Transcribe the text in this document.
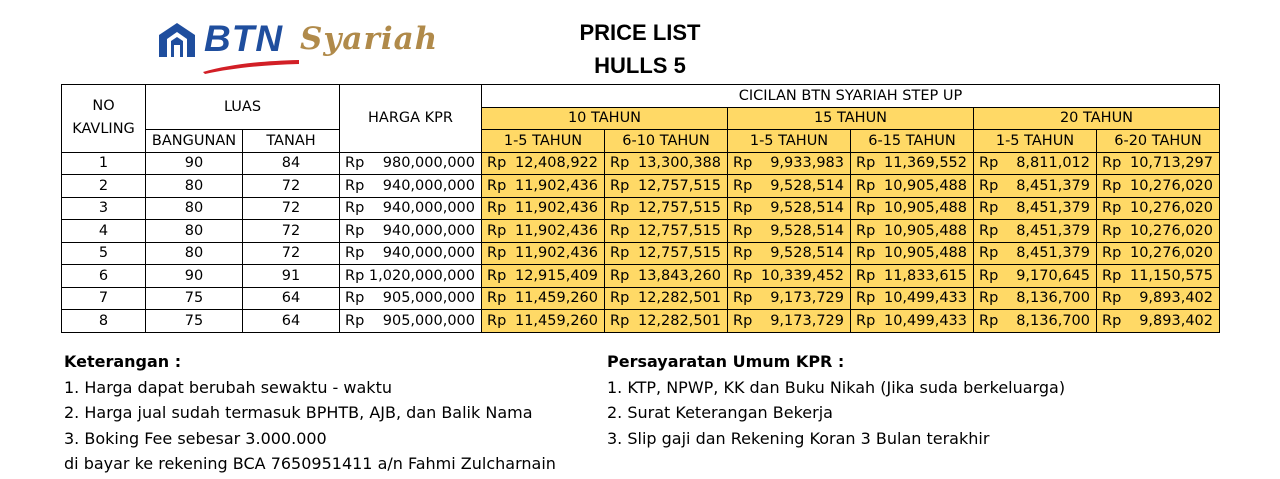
BTN Syariah	PRICE LIST
HULLS 5
NO KAVLING	LUAS		HARGA KPR	CICILAN BTN SYARIAH STEP UP					
				10 TAHUN		15 TAHUN		20 TAHUN	
	BANGUNAN	TANAH		1-5 TAHUN	6-10 TAHUN	1-5 TAHUN	6-15 TAHUN	1-5 TAHUN	6-20 TAHUN
1	90	84	Rp 980,000,000	Rp 12,408,922	Rp 13,300,388	Rp 9,933,983	Rp 11,369,552	Rp 8,811,012	Rp 10,713,297

2	80	72	Rp 940,000,000	Rp 11,902,436	Rp 12,757,515	Rp 9,528,514	Rp 10,905,488	Rp 8,451,379	Rp 10,276,020

3	80	72	Rp 940,000,000	Rp 11,902,436	Rp 12,757,515	Rp 9,528,514	Rp 10,905,488	Rp 8,451,379	Rp 10,276,020

4	80	72	Rp 940,000,000	Rp 11,902,436	Rp 12,757,515	Rp 9,528,514	Rp 10,905,488	Rp 8,451,379	Rp 10,276,020

5	80	72	Rp 940,000,000	Rp 11,902,436	Rp 12,757,515	Rp 9,528,514	Rp 10,905,488	Rp 8,451,379	Rp 10,276,020

6	90	91	Rp 1,020,000,000	Rp 12,915,409	Rp 13,843,260	Rp 10,339,452	Rp 11,833,615	Rp 9,170,645	Rp 11,150,575

7	75	64	Rp 905,000,000	Rp 11,459,260	Rp 12,282,501	Rp 9,173,729	Rp 10,499,433	Rp 8,136,700	Rp 9,893,402

8	75	64	Rp 905,000,000	Rp 11,459,260	Rp 12,282,501	Rp 9,173,729	Rp 10,499,433	Rp 8,136,700	Rp 9,893,402
Keterangan :
1. Harga dapat berubah sewaktu - waktu
2. Harga jual sudah termasuk BPHTB, AJB, dan Balik Nama
3. Boking Fee sebesar 3.000.000
di bayar ke rekening BCA 7650951411 a/n Fahmi Zulcharnain
Persayaratan Umum KPR :
1. KTP, NPWP, KK dan Buku Nikah (Jika suda berkeluarga)
2. Surat Keterangan Bekerja
3. Slip gaji dan Rekening Koran 3 Bulan terakhir
